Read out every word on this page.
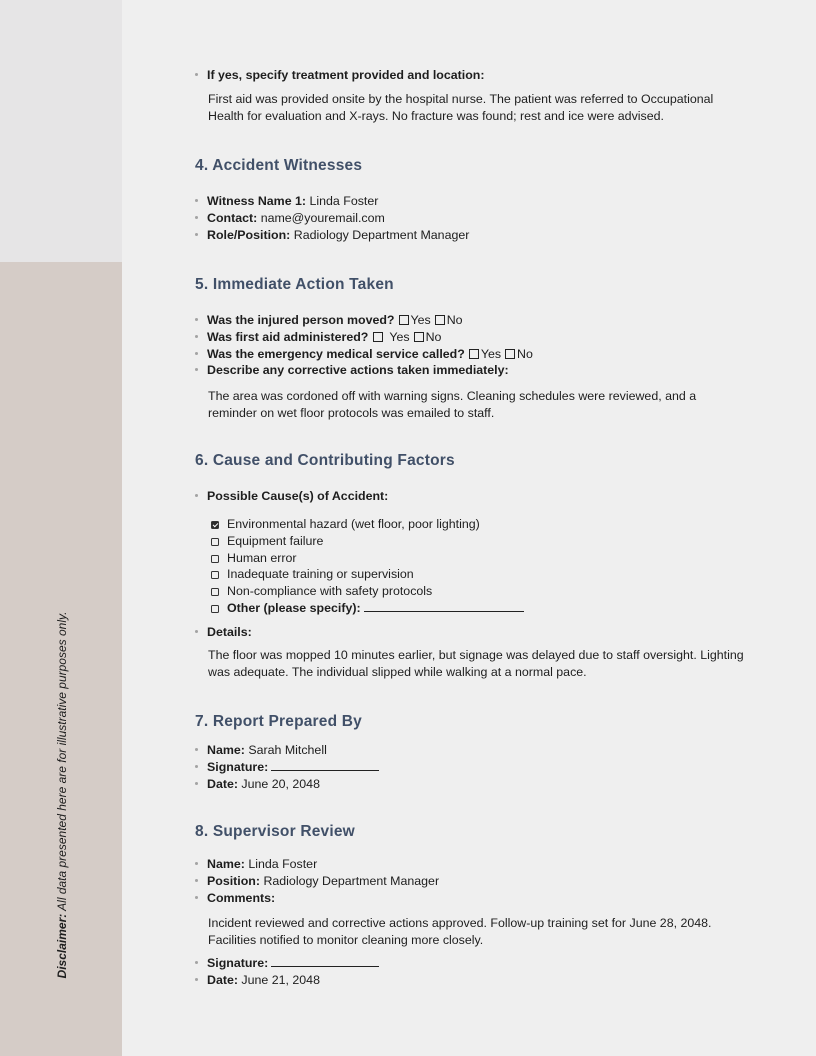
Disclaimer: All data presented here are for illustrative purposes only.
If yes, specify treatment provided and location:
First aid was provided onsite by the hospital nurse. The patient was referred to Occupational Health for evaluation and X-rays. No fracture was found; rest and ice were advised.
4. Accident Witnesses
Witness Name 1: Linda Foster
Contact: name@youremail.com
Role/Position: Radiology Department Manager
5. Immediate Action Taken
Was the injured person moved? Yes No
Was first aid administered? Yes No
Was the emergency medical service called? Yes No
Describe any corrective actions taken immediately:
The area was cordoned off with warning signs. Cleaning schedules were reviewed, and a reminder on wet floor protocols was emailed to staff.
6. Cause and Contributing Factors
Possible Cause(s) of Accident:
Environmental hazard (wet floor, poor lighting)
Equipment failure
Human error
Inadequate training or supervision
Non-compliance with safety protocols
Other (please specify):
Details:
The floor was mopped 10 minutes earlier, but signage was delayed due to staff oversight. Lighting was adequate. The individual slipped while walking at a normal pace.
7. Report Prepared By
Name: Sarah Mitchell
Signature:
Date: June 20, 2048
8. Supervisor Review
Name: Linda Foster
Position: Radiology Department Manager
Comments:
Incident reviewed and corrective actions approved. Follow-up training set for June 28, 2048. Facilities notified to monitor cleaning more closely.
Signature:
Date: June 21, 2048
